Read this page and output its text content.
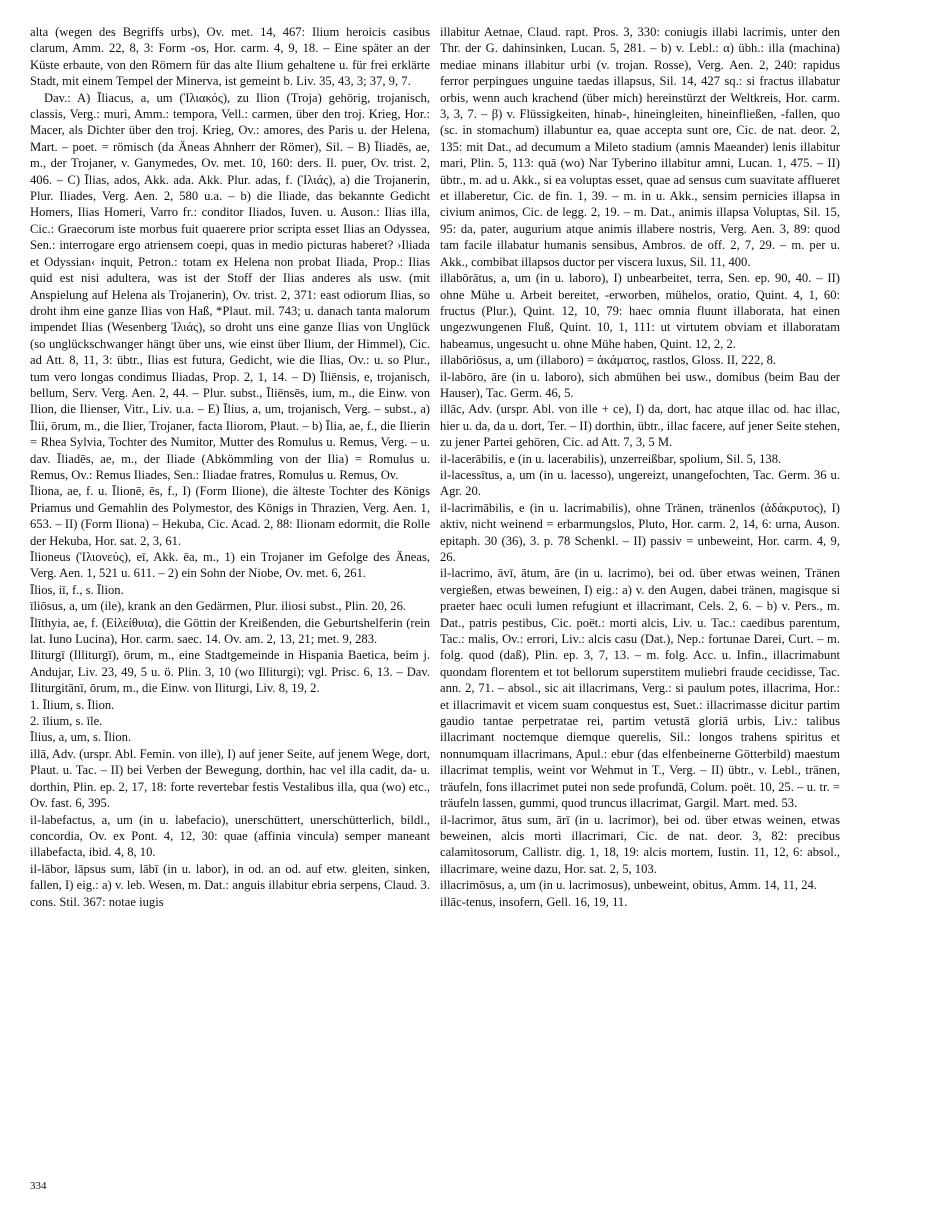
alta (wegen des Begriffs urbs), Ov. met. 14, 467: Ilium heroicis casibus clarum, Amm. 22, 8, 3: Form -os, Hor. carm. 4, 9, 18. – Eine später an der Küste erbaute, von den Römern für das alte Ilium gehaltene u. für frei erklärte Stadt, mit einem Tempel der Minerva, ist gemeint b. Liv. 35, 43, 3; 37, 9, 7.

Dav.: A) Īliacus, a, um (Ἰλιακός), zu Ilion (Troja) gehörig, trojanisch, classis, Verg.: muri, Amm.: tempora, Vell.: carmen, über den troj. Krieg, Hor.: Macer, als Dichter über den troj. Krieg, Ov.: amores, des Paris u. der Helena, Mart. – poet. = römisch (da Äneas Ahnherr der Römer), Sil. – B) Īliadēs, ae, m., der Trojaner, v. Ganymedes, Ov. met. 10, 160: ders. Il. puer, Ov. trist. 2, 406. – C) Īlias, ados, Akk. ada. Akk. Plur. adas, f. (Ἰλιάς), a) die Trojanerin, Plur. Iliades, Verg. Aen. 2, 580 u.a. – b) die Iliade, das bekannte Gedicht Homers, Ilias Homeri, Varro fr.: conditor Iliados, Iuven. u. Auson.: Ilias illa, Cic.: Graecorum iste morbus fuit quaerere prior scripta esset Ilias an Odyssea, Sen.: interrogare ergo atriensem coepi, quas in medio picturas haberet? ›Iliada et Odyssian‹ inquit, Petron.: totam ex Helena non probat Iliada, Prop.: Ilias quid est nisi adultera, was ist der Stoff der Ilias anderes als usw. (mit Anspielung auf Helena als Trojanerin), Ov. trist. 2, 371: east odiorum Ilias, so droht ihm eine ganze Ilias von Haß, *Plaut. mil. 743; u. danach tanta malorum impendet Ilias (Wesenberg Ἰλιάς), so droht uns eine ganze Ilias von Unglück (so unglückschwanger hängt über uns, wie einst über Ilium, der Himmel), Cic. ad Att. 8, 11, 3: übtr., Ilias est futura, Gedicht, wie die Ilias, Ov.: u. so Plur., tum vero longas condimus Iliadas, Prop. 2, 1, 14. – D) Īliēnsis, e, trojanisch, bellum, Serv. Verg. Aen. 2, 44. – Plur. subst., Īliēnsēs, ium, m., die Einw. von Ilion, die Ilienser, Vitr., Liv. u.a. – E) Īlius, a, um, trojanisch, Verg. – subst., a) Īlii, ōrum, m., die Ilier, Trojaner, facta Iliorom, Plaut. – b) Īlia, ae, f., die Ilierin = Rhea Sylvia, Tochter des Numitor, Mutter des Romulus u. Remus, Verg. – u. dav. Īliadēs, ae, m., der Iliade (Abkömmling von der Ilia) = Romulus u. Remus, Ov.: Remus Iliades, Sen.: Iliadae fratres, Romulus u. Remus, Ov.

Īliona, ae, f. u. Īlionē, ēs, f., I) (Form Ilione), die älteste Tochter des Königs Priamus und Gemahlin des Polymestor, des Königs in Thrazien, Verg. Aen. 1, 653. – II) (Form Iliona) – Hekuba, Cic. Acad. 2, 88: Ilionam edormit, die Rolle der Hekuba, Hor. sat. 2, 3, 61.

Īlioneus (Ἰλιονεύς), eī, Akk. ēa, m., 1) ein Trojaner im Gefolge des Äneas, Verg. Aen. 1, 521 u. 611. – 2) ein Sohn der Niobe, Ov. met. 6, 261.

Īlios, iī, f., s. Īlion.

īliōsus, a, um (ile), krank an den Gedärmen, Plur. iliosi subst., Plin. 20, 26.

Īlīthyia, ae, f. (Εἰλείθυια), die Göttin der Kreißenden, die Geburtshelferin (rein lat. Iuno Lucina), Hor. carm. saec. 14. Ov. am. 2, 13, 21; met. 9, 283.

Iliturgī (Illiturgī), ōrum, m., eine Stadtgemeinde in Hispania Baetica, beim j. Andujar, Liv. 23, 49, 5 u. ö. Plin. 3, 10 (wo Illiturgi); vgl. Prisc. 6, 13. – Dav. Iliturgitānī, ōrum, m., die Einw. von Iliturgi, Liv. 8, 19, 2.

1. Īlium, s. Īlion.

2. īlium, s. īle.

Īlius, a, um, s. Īlion.

illā, Adv. (urspr. Abl. Femin. von ille), I) auf jener Seite, auf jenem Wege, dort, Plaut. u. Tac. – II) bei Verben der Bewegung, dorthin, hac vel illa cadit, da- u. dorthin, Plin. ep. 2, 17, 18: forte revertebar festis Vestalibus illa, qua (wo) etc., Ov. fast. 6, 395.

il-labefactus, a, um (in u. labefacio), unerschüttert, unerschütterlich, bildl., concordia, Ov. ex Pont. 4, 12, 30: quae (affinia vincula) semper maneant illabefacta, ibid. 4, 8, 10.

il-lābor, lāpsus sum, lābī (in u. labor), in od. an od. auf etw. gleiten, sinken, fallen, I) eig.: a) v. leb. Wesen, m. Dat.: anguis illabitur ebria serpens, Claud. 3. cons. Stil. 367: notae iugis

illabitur Aetnae, Claud. rapt. Pros. 3, 330: coniugis illabi lacrimis, unter den Thr. der G. dahinsinken, Lucan. 5, 281. – b) v. Lebl.: α) übh.: illa (machina) mediae minans illabitur urbi (v. trojan. Rosse), Verg. Aen. 2, 240: rapidus ferror perpingues unguine taedas illapsus, Sil. 14, 427 sq.: si fractus illabatur orbis, wenn auch krachend (über mich) hereinstürzt der Weltkreis, Hor. carm. 3, 3, 7. – β) v. Flüssigkeiten, hinab-, hineingleiten, hineinfließen, -fallen, quo (sc. in stomachum) illabuntur ea, quae accepta sunt ore, Cic. de nat. deor. 2, 135: mit Dat., ad decumum a Mileto stadium (amnis Maeander) lenis illabitur mari, Plin. 5, 113: quā (wo) Nar Tyberino illabitur amni, Lucan. 1, 475. – II) übtr., m. ad u. Akk., si ea voluptas esset, quae ad sensus cum suavitate afflueret et illaberetur, Cic. de fin. 1, 39. – m. in u. Akk., sensim pernicies illapsa in civium animos, Cic. de legg. 2, 19. – m. Dat., animis illapsa Voluptas, Sil. 15, 95: da, pater, augurium atque animis illabere nostris, Verg. Aen. 3, 89: quod tam facile illabatur humanis sensibus, Ambros. de off. 2, 7, 29. – m. per u. Akk., combibat illapsos ductor per viscera luxus, Sil. 11, 400.

illabōrātus, a, um (in u. laboro), I) unbearbeitet, terra, Sen. ep. 90, 40. – II) ohne Mühe u. Arbeit bereitet, -erworben, mühelos, oratio, Quint. 4, 1, 60: fructus (Plur.), Quint. 12, 10, 79: haec omnia fluunt illaborata, hat einen ungezwungenen Fluß, Quint. 10, 1, 111: ut virtutem obviam et illaboratam habeamus, ungesucht u. ohne Mühe haben, Quint. 12, 2, 2.

illabōriōsus, a, um (illaboro) = ἀκάματος, rastlos, Gloss. II, 222, 8.

il-labōro, āre (in u. laboro), sich abmühen bei usw., domibus (beim Bau der Hauser), Tac. Germ. 46, 5.

illāc, Adv. (urspr. Abl. von ille + ce), I) da, dort, hac atque illac od. hac illac, hier u. da, da u. dort, Ter. – II) dorthin, übtr., illac facere, auf jener Seite stehen, zu jener Partei gehören, Cic. ad Att. 7, 3, 5 M.

il-lacerābilis, e (in u. lacerabilis), unzerreißbar, spolium, Sil. 5, 138.

il-lacessītus, a, um (in u. lacesso), ungereizt, unangefochten, Tac. Germ. 36 u. Agr. 20.

il-lacrimābilis, e (in u. lacrimabilis), ohne Tränen, tränenlos (ἀδάκρυτος), I) aktiv, nicht weinend = erbarmungslos, Pluto, Hor. carm. 2, 14, 6: urna, Auson. epitaph. 30 (36), 3. p. 78 Schenkl. – II) passiv = unbeweint, Hor. carm. 4, 9, 26.

il-lacrimo, āvī, ātum, āre (in u. lacrimo), bei od. über etwas weinen, Tränen vergießen, etwas beweinen, I) eig.: a) v. den Augen, dabei tränen, magisque si praeter haec oculi lumen refugiunt et illacrimant, Cels. 2, 6. – b) v. Pers., m. Dat., patris pestibus, Cic. poët.: morti alcis, Liv. u. Tac.: caedibus parentum, Tac.: malis, Ov.: errori, Liv.: alcis casu (Dat.), Nep.: fortunae Darei, Curt. – m. folg. quod (daß), Plin. ep. 3, 7, 13. – m. folg. Acc. u. Infin., illacrimabunt quondam florentem et tot bellorum superstitem muliebri fraude cecidisse, Tac. ann. 2, 71. – absol., sic ait illacrimans, Verg.: si paulum potes, illacrima, Hor.: et illacrimavit et vicem suam conquestus est, Suet.: illacrimasse dicitur partim gaudio tantae perpetratae rei, partim vetustā gloriā urbis, Liv.: talibus illacrimant noctemque diemque querelis, Sil.: longos trahens spiritus et nonnumquam illacrimans, Apul.: ebur (das elfenbeinerne Götterbild) maestum illacrimat templis, weint vor Wehmut in T., Verg. – II) übtr., v. Lebl., tränen, träufeln, fons illacrimet putei non sede profundā, Colum. poët. 10, 25. – u. tr. = träufeln lassen, gummi, quod truncus illacrimat, Gargil. Mart. med. 53.

il-lacrimor, ātus sum, ārī (in u. lacrimor), bei od. über etwas weinen, etwas beweinen, alcis morti illacrimari, Cic. de nat. deor. 3, 82: precibus calamitosorum, Callistr. dig. 1, 18, 19: alcis mortem, Iustin. 11, 12, 6: absol., illacrimare, weine dazu, Hor. sat. 2, 5, 103.

illacrimōsus, a, um (in u. lacrimosus), unbeweint, obitus, Amm. 14, 11, 24.

illāc-tenus, insofern, Gell. 16, 19, 11.

334
